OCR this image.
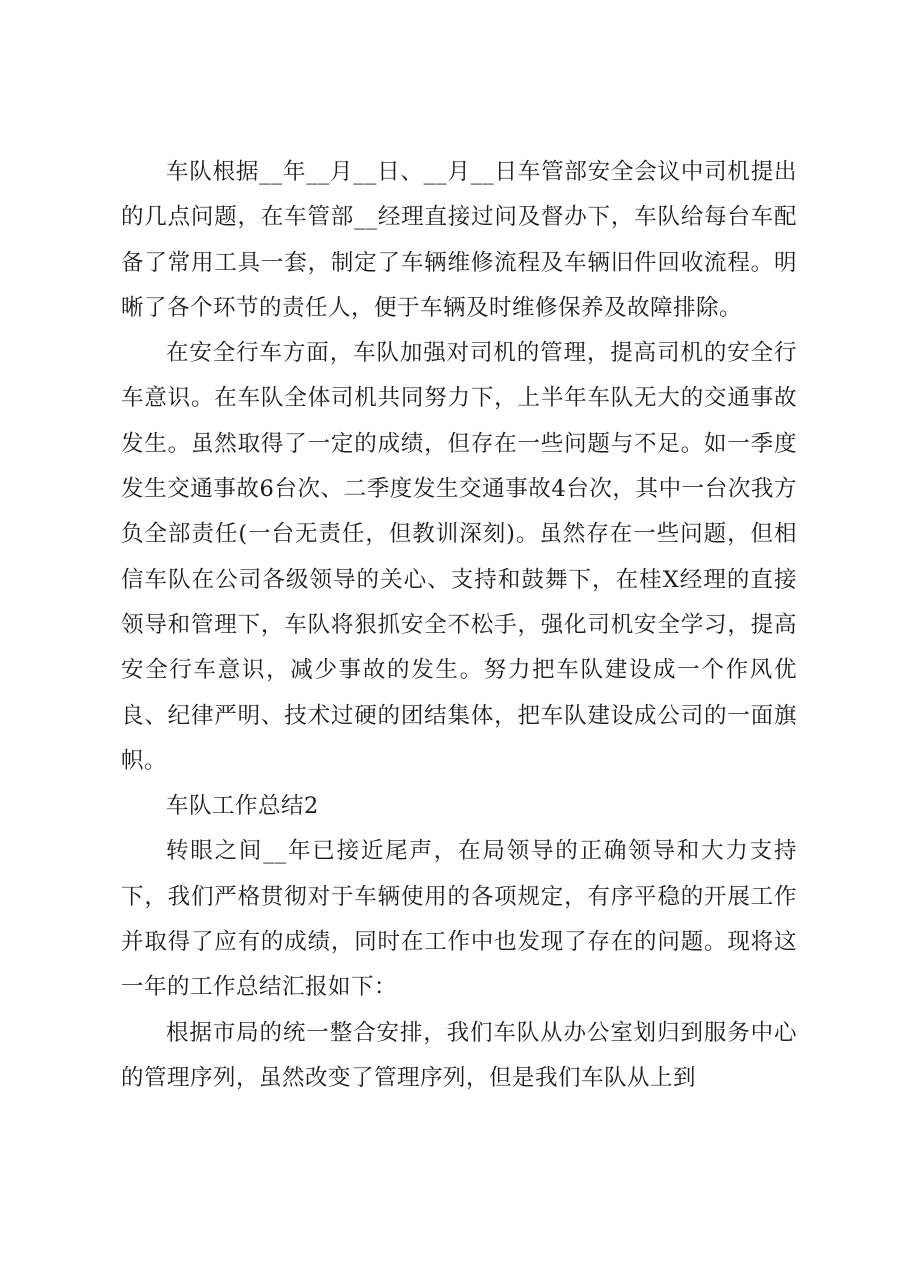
车队根据__年__月__日、__月__日车管部安全会议中司机提出的几点问题，在车管部__经理直接过问及督办下，车队给每台车配备了常用工具一套，制定了车辆维修流程及车辆旧件回收流程。明晰了各个环节的责任人，便于车辆及时维修保养及故障排除。

在安全行车方面，车队加强对司机的管理，提高司机的安全行车意识。在车队全体司机共同努力下，上半年车队无大的交通事故发生。虽然取得了一定的成绩，但存在一些问题与不足。如一季度发生交通事故6台次、二季度发生交通事故4台次，其中一台次我方负全部责任(一台无责任，但教训深刻)。虽然存在一些问题，但相信车队在公司各级领导的关心、支持和鼓舞下，在桂X经理的直接领导和管理下，车队将狠抓安全不松手，强化司机安全学习，提高安全行车意识，减少事故的发生。努力把车队建设成一个作风优良、纪律严明、技术过硬的团结集体，把车队建设成公司的一面旗帜。

车队工作总结2

转眼之间__年已接近尾声，在局领导的正确领导和大力支持下，我们严格贯彻对于车辆使用的各项规定，有序平稳的开展工作并取得了应有的成绩，同时在工作中也发现了存在的问题。现将这一年的工作总结汇报如下：

根据市局的统一整合安排，我们车队从办公室划归到服务中心的管理序列，虽然改变了管理序列，但是我们车队从上到
